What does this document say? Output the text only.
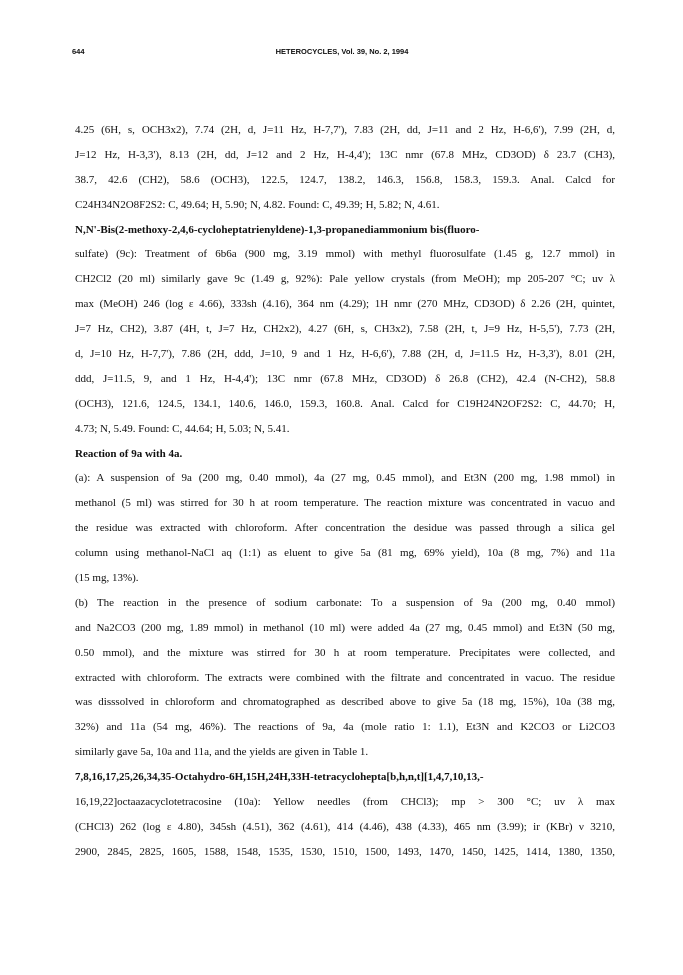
644	HETEROCYCLES, Vol. 39, No. 2, 1994
4.25 (6H, s, OCH3x2), 7.74 (2H, d, J=11 Hz, H-7,7'), 7.83 (2H, dd, J=11 and 2 Hz, H-6,6'), 7.99 (2H, d,
J=12 Hz, H-3,3'), 8.13 (2H, dd, J=12 and 2 Hz, H-4,4'); 13C nmr (67.8 MHz, CD3OD) δ 23.7 (CH3),
38.7, 42.6 (CH2), 58.6 (OCH3), 122.5, 124.7, 138.2, 146.3, 156.8, 158.3, 159.3. Anal. Calcd for
C24H34N2O8F2S2: C, 49.64; H, 5.90; N, 4.82. Found: C, 49.39; H, 5.82; N, 4.61.
N,N'-Bis(2-methoxy-2,4,6-cycloheptatrienyldene)-1,3-propanediammonium bis(fluoro-
sulfate) (9c): Treatment of 6b6a (900 mg, 3.19 mmol) with methyl fluorosulfate (1.45 g, 12.7 mmol) in
CH2Cl2 (20 ml) similarly gave 9c (1.49 g, 92%): Pale yellow crystals (from MeOH); mp 205-207 °C; uv λ
max (MeOH) 246 (log ε 4.66), 333sh (4.16), 364 nm (4.29); 1H nmr (270 MHz, CD3OD) δ 2.26 (2H, quintet,
J=7 Hz, CH2), 3.87 (4H, t, J=7 Hz, CH2x2), 4.27 (6H, s, CH3x2), 7.58 (2H, t, J=9 Hz, H-5,5'), 7.73 (2H,
d, J=10 Hz, H-7,7'), 7.86 (2H, ddd, J=10, 9 and 1 Hz, H-6,6'), 7.88 (2H, d, J=11.5 Hz, H-3,3'), 8.01 (2H,
ddd, J=11.5, 9, and 1 Hz, H-4,4'); 13C nmr (67.8 MHz, CD3OD) δ 26.8 (CH2), 42.4 (N-CH2), 58.8
(OCH3), 121.6, 124.5, 134.1, 140.6, 146.0, 159.3, 160.8. Anal. Calcd for C19H24N2OF2S2: C, 44.70; H,
4.73; N, 5.49. Found: C, 44.64; H, 5.03; N, 5.41.
Reaction of 9a with 4a.
(a): A suspension of 9a (200 mg, 0.40 mmol), 4a (27 mg, 0.45 mmol), and Et3N (200 mg, 1.98 mmol) in
methanol (5 ml) was stirred for 30 h at room temperature. The reaction mixture was concentrated in vacuo and
the residue was extracted with chloroform. After concentration the desidue was passed through a silica gel
column using methanol-NaCl aq (1:1) as eluent to give 5a (81 mg, 69% yield), 10a (8 mg, 7%) and 11a
(15 mg, 13%).
(b) The reaction in the presence of sodium carbonate: To a suspension of 9a (200 mg, 0.40 mmol)
and Na2CO3 (200 mg, 1.89 mmol) in methanol (10 ml) were added 4a (27 mg, 0.45 mmol) and Et3N (50 mg,
0.50 mmol), and the mixture was stirred for 30 h at room temperature. Precipitates were collected, and
extracted with chloroform. The extracts were combined with the filtrate and concentrated in vacuo. The residue
was disssolved in chloroform and chromatographed as described above to give 5a (18 mg, 15%), 10a (38 mg,
32%) and 11a (54 mg, 46%). The reactions of 9a, 4a (mole ratio 1: 1.1), Et3N and K2CO3 or Li2CO3
similarly gave 5a, 10a and 11a, and the yields are given in Table 1.
7,8,16,17,25,26,34,35-Octahydro-6H,15H,24H,33H-tetracyclohepta[b,h,n,t][1,4,7,10,13,-
16,19,22]octaazacyclotetracosine (10a): Yellow needles (from CHCl3); mp > 300 °C; uv λ max
(CHCl3) 262 (log ε 4.80), 345sh (4.51), 362 (4.61), 414 (4.46), 438 (4.33), 465 nm (3.99); ir (KBr) ν 3210,
2900, 2845, 2825, 1605, 1588, 1548, 1535, 1530, 1510, 1500, 1493, 1470, 1450, 1425, 1414, 1380, 1350,
